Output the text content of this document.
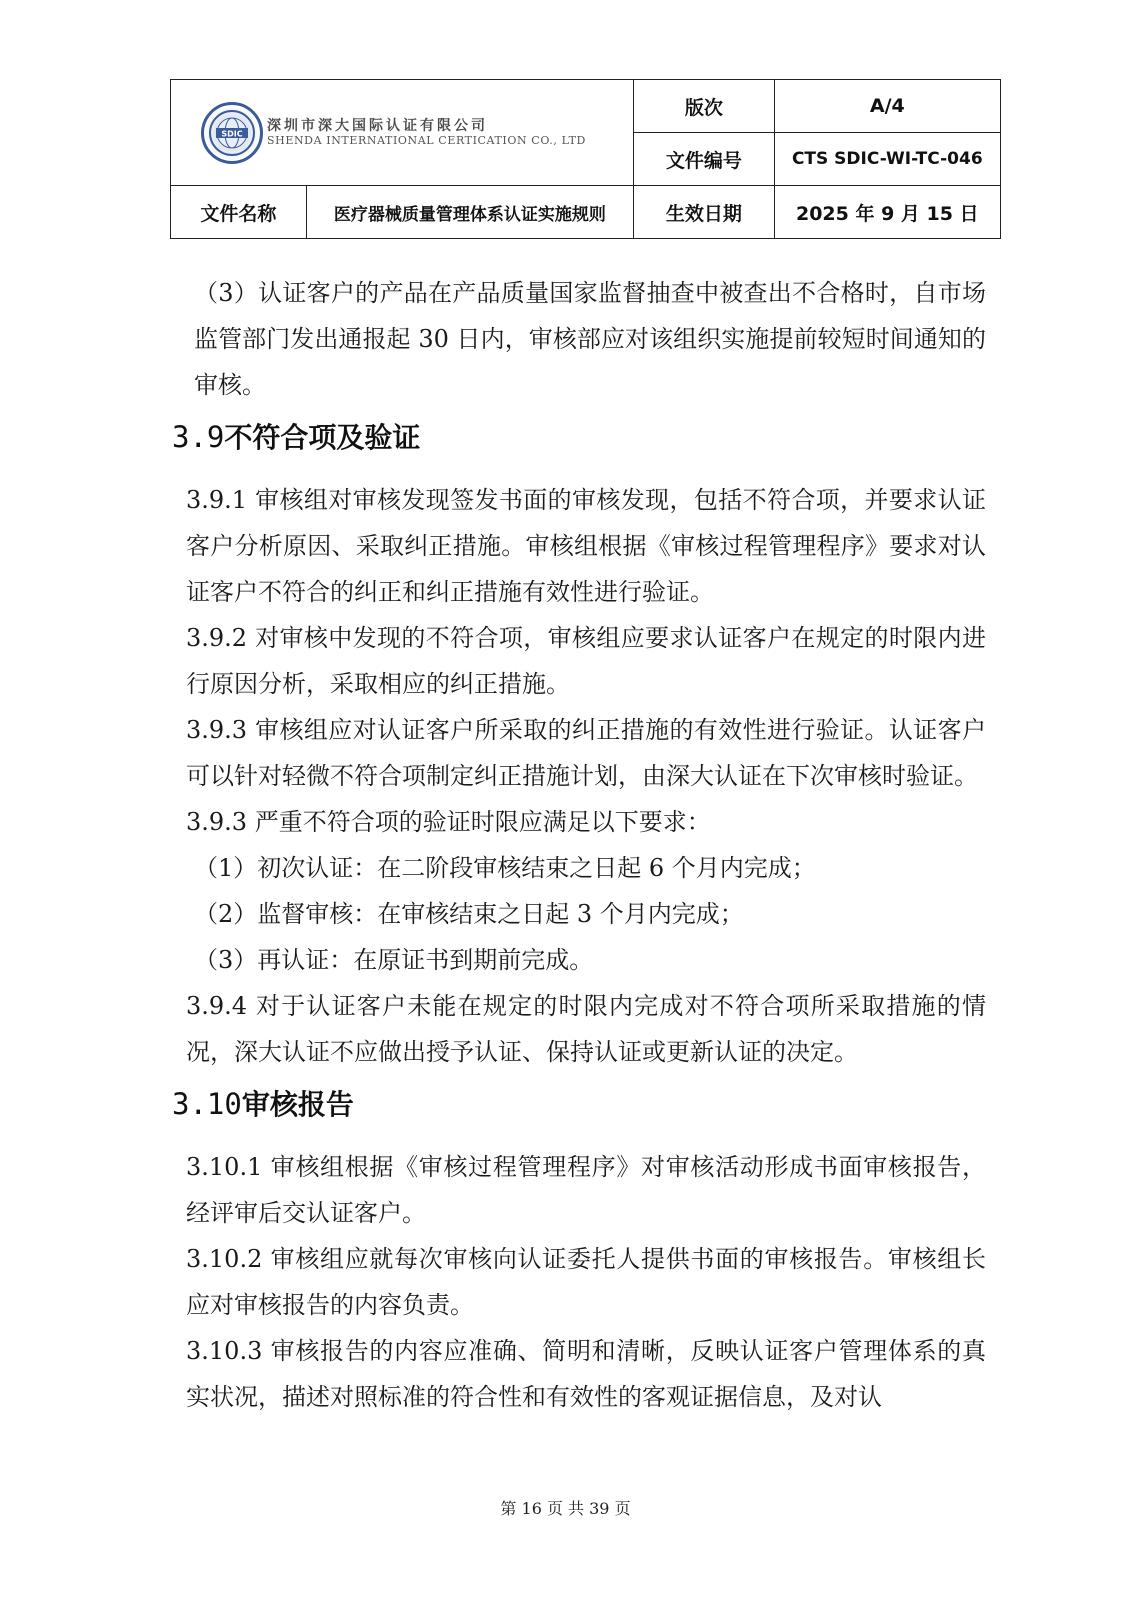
SDIC 深圳市深大国际认证有限公司
SHENDA INTERNATIONAL CERTICATION CO., LTD		版次	A/4
		文件编号	CTS SDIC-WI-TC-046
文件名称	医疗器械质量管理体系认证实施规则	生效日期	2025 年 9 月 15 日

（3）认证客户的产品在产品质量国家监督抽查中被查出不合格时，自市场监管部门发出通报起 30 日内，审核部应对该组织实施提前较短时间通知的审核。

3.9不符合项及验证

3.9.1 审核组对审核发现签发书面的审核发现，包括不符合项，并要求认证客户分析原因、采取纠正措施。审核组根据《审核过程管理程序》要求对认证客户不符合的纠正和纠正措施有效性进行验证。

3.9.2 对审核中发现的不符合项，审核组应要求认证客户在规定的时限内进行原因分析，采取相应的纠正措施。

3.9.3 审核组应对认证客户所采取的纠正措施的有效性进行验证。认证客户可以针对轻微不符合项制定纠正措施计划，由深大认证在下次审核时验证。

3.9.3 严重不符合项的验证时限应满足以下要求：

（1）初次认证：在二阶段审核结束之日起 6 个月内完成；

（2）监督审核：在审核结束之日起 3 个月内完成；

（3）再认证：在原证书到期前完成。

3.9.4 对于认证客户未能在规定的时限内完成对不符合项所采取措施的情况，深大认证不应做出授予认证、保持认证或更新认证的决定。

3.10审核报告

3.10.1 审核组根据《审核过程管理程序》对审核活动形成书面审核报告，经评审后交认证客户。

3.10.2 审核组应就每次审核向认证委托人提供书面的审核报告。审核组长应对审核报告的内容负责。

3.10.3 审核报告的内容应准确、简明和清晰，反映认证客户管理体系的真实状况，描述对照标准的符合性和有效性的客观证据信息，及对认

第 16 页 共 39 页
